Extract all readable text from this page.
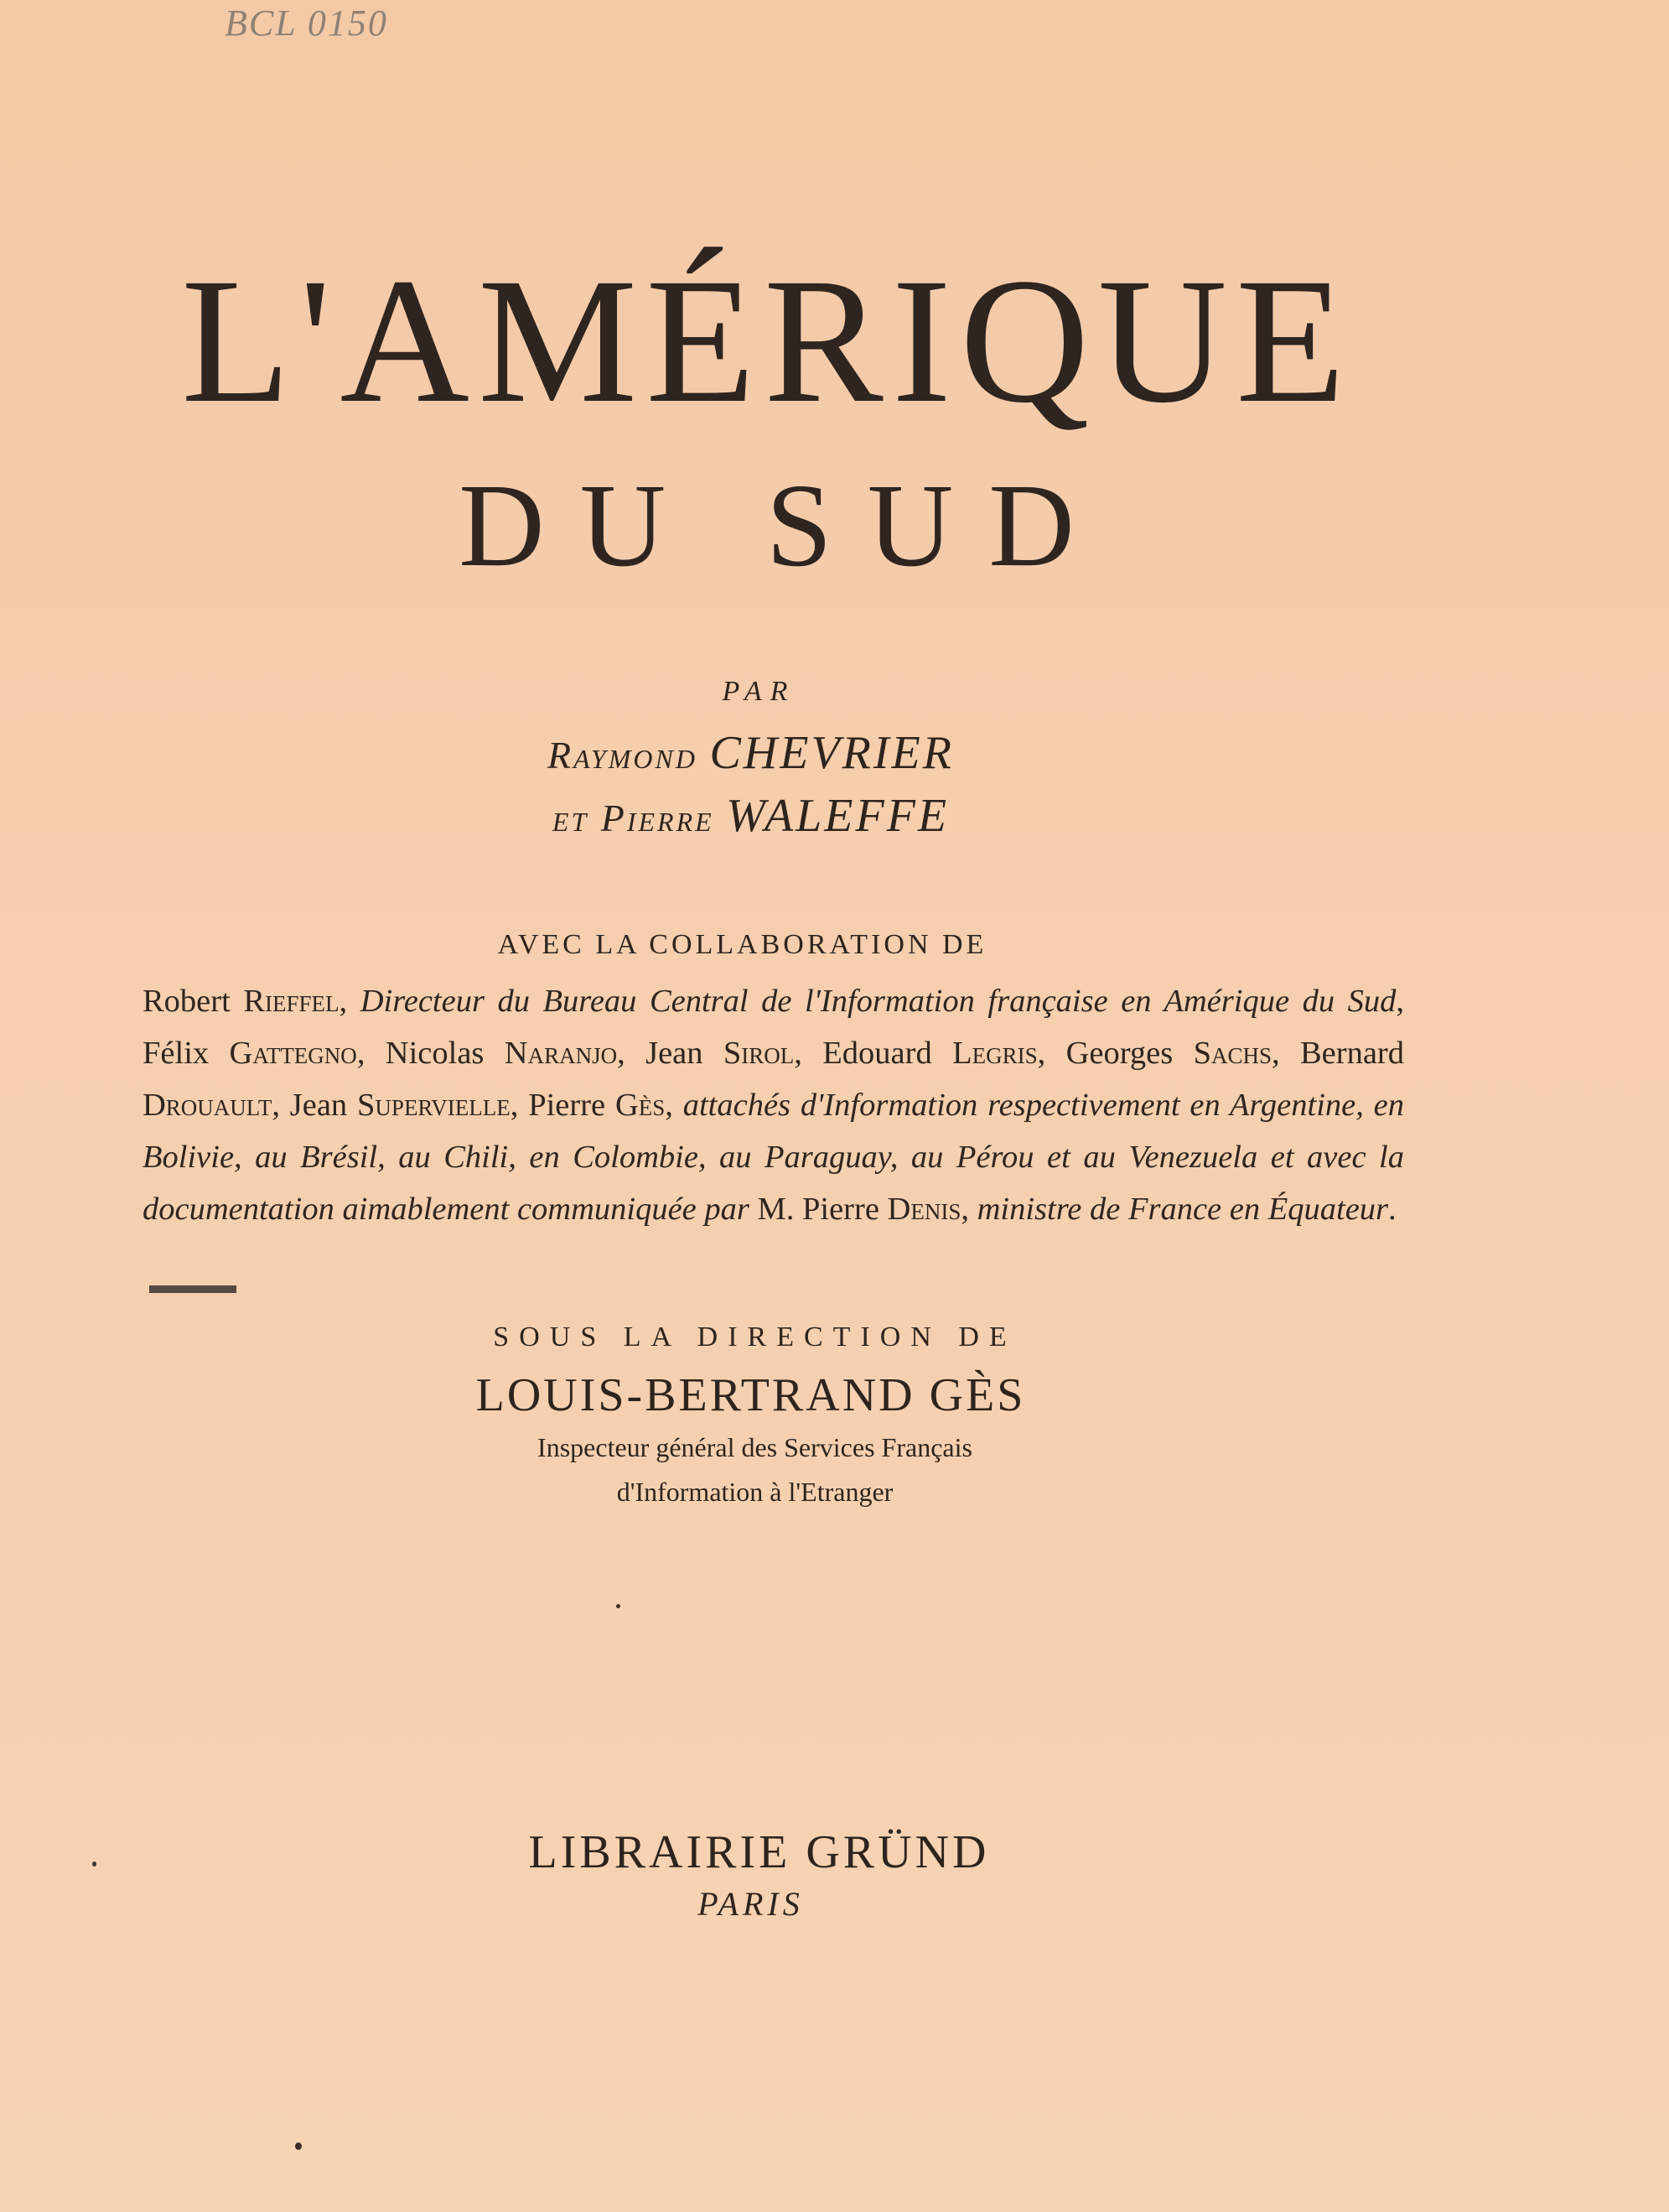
BCL 0150
L'AMÉRIQUE
DU SUD
PAR
Raymond CHEVRIER
et Pierre WALEFFE
AVEC LA COLLABORATION DE
Robert Rieffel, Directeur du Bureau Central de l'Information française en Amérique du Sud, Félix Gattegno, Nicolas Naranjo, Jean Sirol, Edouard Legris, Georges Sachs, Bernard Drouault, Jean Supervielle, Pierre Gès, attachés d'Information respectivement en Argentine, en Bolivie, au Brésil, au Chili, en Colombie, au Paraguay, au Pérou et au Venezuela et avec la documentation aimablement communiquée par M. Pierre Denis, ministre de France en Équateur.
SOUS LA DIRECTION DE
LOUIS-BERTRAND GÈS
Inspecteur général des Services Français
d'Information à l'Etranger
LIBRAIRIE GRÜND
PARIS
